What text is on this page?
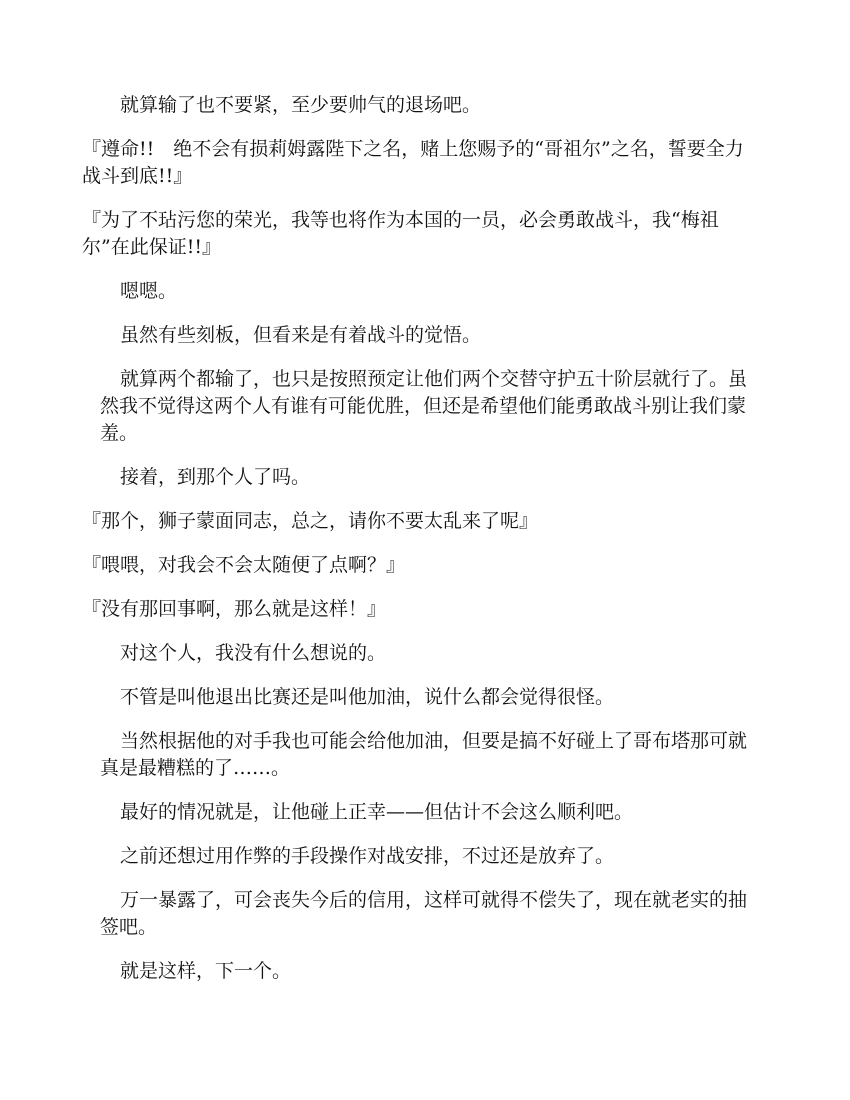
就算输了也不要紧，至少要帅气的退场吧。

『遵命!!　绝不会有损莉姆露陛下之名，赌上您赐予的“哥祖尔”之名，誓要全力战斗到底!!』

『为了不玷污您的荣光，我等也将作为本国的一员，必会勇敢战斗，我“梅祖尔”在此保证!!』

嗯嗯。

虽然有些刻板，但看来是有着战斗的觉悟。

就算两个都输了，也只是按照预定让他们两个交替守护五十阶层就行了。虽然我不觉得这两个人有谁有可能优胜，但还是希望他们能勇敢战斗别让我们蒙羞。

接着，到那个人了吗。

『那个，狮子蒙面同志，总之，请你不要太乱来了呢』

『喂喂，对我会不会太随便了点啊？』

『没有那回事啊，那么就是这样！』

对这个人，我没有什么想说的。

不管是叫他退出比赛还是叫他加油，说什么都会觉得很怪。

当然根据他的对手我也可能会给他加油，但要是搞不好碰上了哥布塔那可就真是最糟糕的了……。

最好的情况就是，让他碰上正幸——但估计不会这么顺利吧。

之前还想过用作弊的手段操作对战安排，不过还是放弃了。

万一暴露了，可会丧失今后的信用，这样可就得不偿失了，现在就老实的抽签吧。

就是这样，下一个。
